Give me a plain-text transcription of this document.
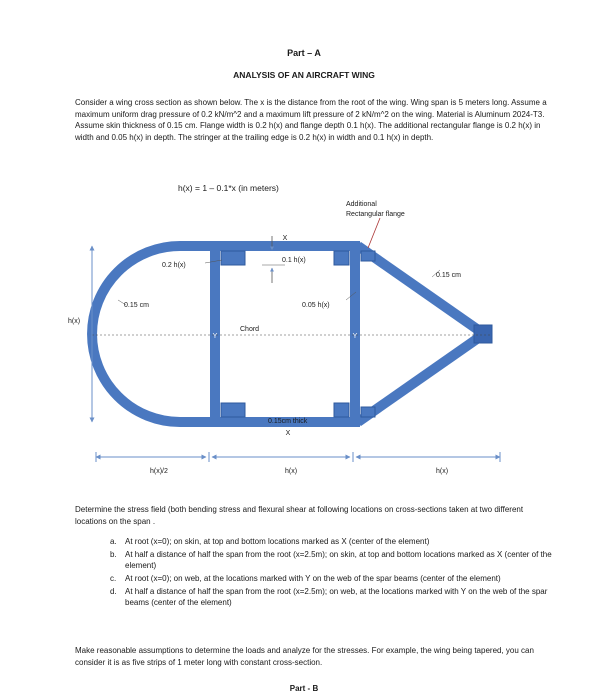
Part – A
ANALYSIS OF AN AIRCRAFT WING
Consider a wing cross section as shown below. The x is the distance from the root of the wing. Wing span is 5 meters long. Assume a maximum uniform drag pressure of 0.2 kN/m^2 and a maximum lift pressure of 2 kN/m^2 on the wing. Material is Aluminum 2024-T3. Assume skin thickness of 0.15 cm. Flange width is 0.2 h(x) and flange depth 0.1 h(x). The additional rectangular flange is 0.2 h(x) in width and 0.05 h(x) in depth. The stringer at the trailing edge is 0.2 h(x) in width and 0.1 h(x) in depth.
h(x) = 1 – 0.1*x (in meters)
Additional
Rectangular flange
0.2 h(x)
0.1 h(x)
0.15 cm
0.15 cm
h(x)
0.05 h(x)
Chord
0.15cm thick
X
X
Y	Y
h(x)/2	h(x)	h(x)
Determine the stress field (both bending stress and flexural shear at following locations on cross-sections taken at two different locations on the span .
a. At root (x=0); on skin, at top and bottom locations marked as X (center of the element)
b. At half a distance of half the span from the root (x=2.5m); on skin, at top and bottom locations marked as X (center of the element)
c. At root (x=0); on web, at the locations marked with Y on the web of the spar beams (center of the element)
d. At half a distance of half the span from the root (x=2.5m); on web, at the locations marked with Y on the web of the spar beams (center of the element)
Make reasonable assumptions to determine the loads and analyze for the stresses. For example, the wing being tapered, you can consider it is as five strips of 1 meter long with constant cross-section.
Part - B
